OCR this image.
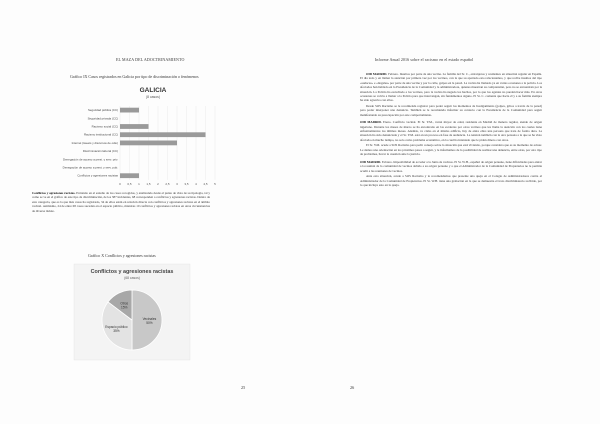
EL MAZA DEL ADOCTRINAMIENTO
Gráfico IX Casos registrados en Galicia por tipo de discriminación o fenómenos
GALICIA
(8 casos)
Seguridad pública (CC)
Seguridad privada (CC)
Racismo social (CC)
Racismo institucional (CC)
Internet (tweets y discursos de odio)
Discriminación laboral (CC)
Denegación de acceso a prest. y serv. priv.
Denegación de acceso a prest. y serv. pub.
Conflictos y agresiones racistas
0 0,5 1 1,5 2 2,5 3 3,5 4 4,5 5

Conflictos y agresiones racistas. Entrando en el estudio de los casos recogidos, y analizando desde el punto de vista de su tipología, tal y como se ve en el gráfico de este tipo de discriminación, de los 387 incidentes, 68 corresponden a conflictos y agresiones racistas. Dentro de esta categoría, que es la que más casos ha registrado, 34 de ellos están en relación directa con conflictos y agresiones racistas en el ámbito vecinal. Asimismo, 24 de entre 68 casos suceden en el espacio público, mientras 10 conflictos y agresiones racistas en otras circunstancias de diversa índole.

Gráfico X Conflictos y agresiones racistas
Conflictos y agresiones racistas
(68 casos)
Vecinales
50%
Espacio público
35%
Otros
15%
25
Informe Anual 2016 sobre el racismo en el estado español

OID MADRID. Febrero. Insultos por parte de una vecina. La familia del Sr. C., extranjeros y residentes en situación regular en España. El día todo y en llamar la atención por primera vez por los vecinos, con la que su apartado esto relacionamos, y que recibe insultos del tipo «sudacas» e «ilegales» por parte de una vecina y por la calle, golpes en la pared. La vecina ha llamado ya en varias ocasiones a la policía. Los afectados han hablado en la Presidencia de la Comunidad y la administradora, quienes muestran su comprensión, pero no se encuentran por la situación. La Policía ha escuchado a los vecinos, pero la vecina ha negado los hechos, por lo que los agentes no pueden hacer más. En otras ocasiones se volvía a llamar a la Policía para que intervengan, sin fundamentos alguno. El Sr. C. comenta que hacia él y a su familia siempre ha sido agresiva con ellos.

Desde SOS Racismo se le recomienda registrar para poder seguir los momentos de hostigamiento (golpes, gritos a través de la pared) para poder interponer una denuncia. También se le recomienda informar su contacto con la Presidencia de la Comunidad para seguir manifestando su preocupación por este comportamiento.

OID MADRID. Enero. Conflicto vecinal. El Sr. Y.M., varón mayor de edad, residente en Madrid de manera regular, siendo de origen nigeriano. Durante los meses de marzo se ha encontrado en las escaleras por otros vecinos que les llama la atención con los cuales tiene enfrentamientos los últimos meses. Además, ve cómo en el mismo edificio, hay de entre ellos una persona que trata de forma dura. La situación ha sido denunciada y el Sr. Y.M. está en un proceso en fase de audiencia. La tensión también con la otra persona a la que se ha visto afectada en mucho tiempo, no solo como problema económico, en la cual ha intentado que le pidan dinero con otros.

El Sr. Y.M. acude a SOS Racismo para pedir consejo sobre la situación que está viviendo, porque considera que es su momento de actuar. Le damos una orientación en los próximos pasos a seguir, y le informamos de la posibilidad de realizar una denuncia, entre otras, por otro tipo de problemas, llevar la cuestión ante la justicia.

OID MADRID. Febrero. Imposibilidad de acceder a la Junta de vecinos. El Sr. W.H., español de origen peruano, tiene dificultades para entrar a la reunión de la comunidad de vecinos debido a su origen peruano y a que el Administrador de la Comunidad de Propietarios no le permite acudir a las reuniones de vecinos.

Ante esta situación, acude a SOS Racismo y le recomendamos que presente una queja en el Colegio de Administradores contra el Administrador de la Comunidad de Propietarios. El Sr. W.H. tiene una grabación en la que se demuestra el trato discriminatorio recibido, por lo que incluye esto en la queja.

26
